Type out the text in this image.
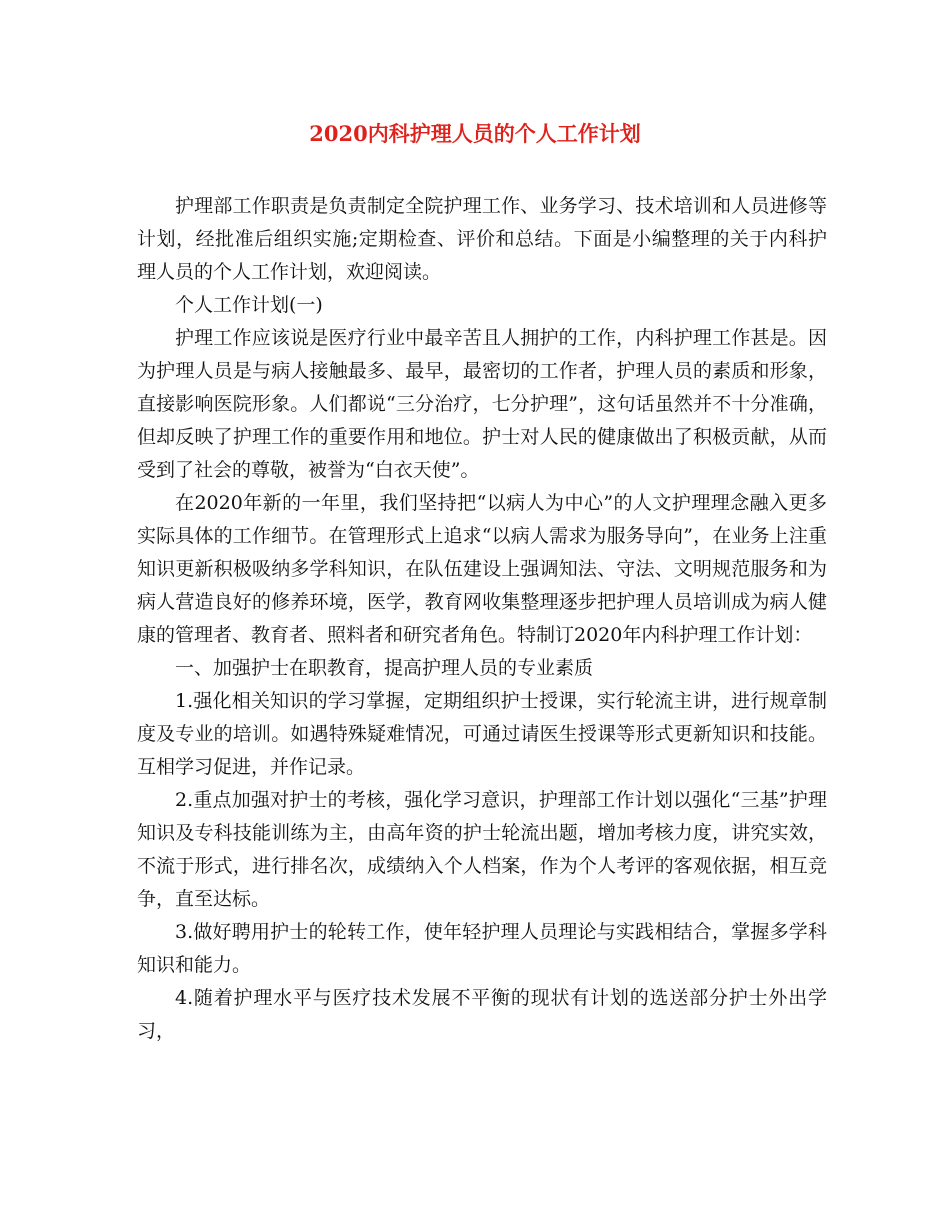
2020内科护理人员的个人工作计划

护理部工作职责是负责制定全院护理工作、业务学习、技术培训和人员进修等计划，经批准后组织实施;定期检查、评价和总结。下面是小编整理的关于内科护理人员的个人工作计划，欢迎阅读。

个人工作计划(一)

护理工作应该说是医疗行业中最辛苦且人拥护的工作，内科护理工作甚是。因为护理人员是与病人接触最多、最早，最密切的工作者，护理人员的素质和形象，直接影响医院形象。人们都说“三分治疗，七分护理”，这句话虽然并不十分准确，但却反映了护理工作的重要作用和地位。护士对人民的健康做出了积极贡献，从而受到了社会的尊敬，被誉为“白衣天使”。

在2020年新的一年里，我们坚持把“以病人为中心”的人文护理理念融入更多实际具体的工作细节。在管理形式上追求“以病人需求为服务导向”，在业务上注重知识更新积极吸纳多学科知识，在队伍建设上强调知法、守法、文明规范服务和为病人营造良好的修养环境，医学，教育网收集整理逐步把护理人员培训成为病人健康的管理者、教育者、照料者和研究者角色。特制订2020年内科护理工作计划：

一、加强护士在职教育，提高护理人员的专业素质

1.强化相关知识的学习掌握，定期组织护士授课，实行轮流主讲，进行规章制度及专业的培训。如遇特殊疑难情况，可通过请医生授课等形式更新知识和技能。互相学习促进，并作记录。

2.重点加强对护士的考核，强化学习意识，护理部工作计划以强化“三基”护理知识及专科技能训练为主，由高年资的护士轮流出题，增加考核力度，讲究实效，不流于形式，进行排名次，成绩纳入个人档案，作为个人考评的客观依据，相互竞争，直至达标。

3.做好聘用护士的轮转工作，使年轻护理人员理论与实践相结合，掌握多学科知识和能力。

4.随着护理水平与医疗技术发展不平衡的现状有计划的选送部分护士外出学习，
